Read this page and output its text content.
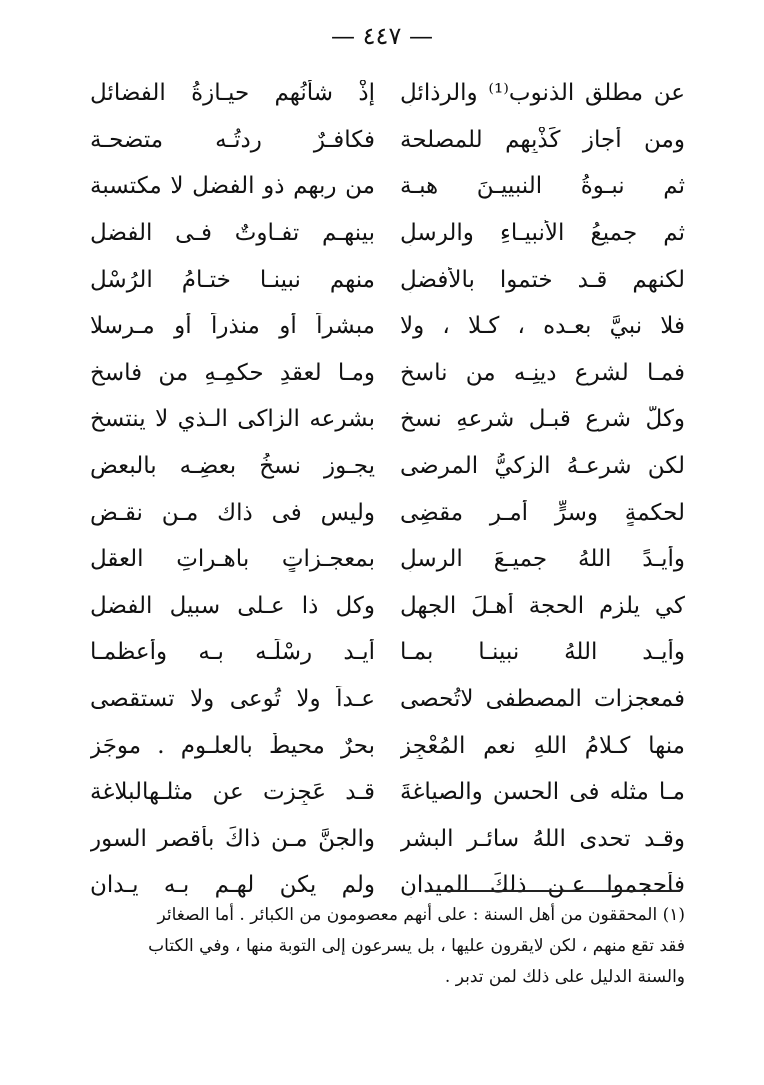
— ٤٤٧ —
عن مطلق الذنوب⁽¹⁾ والرذائلِ
إذْ شأنُهم حيـازةُ الفضائل
ومن أَجاز كَذْبِهم للمصلحة
فكافـرٌ ردتُـه متضحـة
ثم نبـوةُ النبييـنَ هبـة
من ربهم ذو الفضل لا مكتسبة
ثم جميعُ الأَنبيـاءِ والرسلِ
بينهـم تفـاوتٌ فـى الفضل
لكنهم قـد ختموا بالأَفضلِ
منهم نبينـا ختـامُ الرُسْل
فلا نبيَّ بعـده ، كـلا ، ولا
مبشراً أَو منذراً أَو مـرسلا
فمـا لشرع دينِـه من ناسخِ
ومـا لعقدِ حكمِـهِ من فاسخ
وكلُّ شرع قبـل شرعهِ نسخ
بشرعه الزاكى الـذي لا ينتسخ
لكن شرعـهُ الزكيُّ المرضى
يجـوز نسخُ بعضِـه بالبعض
لحكمةٍ وسرٍّ أمـرٍ مقضِى
وليس فى ذاك مـن نقـض
وأيـدً اللهُ جميـعَ الرسلِ
بمعجـزاتٍ باهـراتِ العقل
كي يلزم الحجة أَهـلَ الجهل
وكل ذا عـلى سبيل الفضل
وأَيـد اللهُ نبينـا بمـا
أَيـد رسْلَـه بـه وأعظمـا
فمعجزات المصطفى لاتُحصى
عـداً ولا تُوعى ولا تستقصى
منها كـلامُ اللهِ نعم المُعْجِز
بحرٌ محيطٌ بالعلـوم . موجَز
مـا مثله فى الحسنِ والصياغةَ
قـد عَجِزت عن مثلـهالبلاغة
وقـد تحدى اللهُ سائـر البشر
والجنَّ مـن ذاكَ بأَقصر السور
فأَحجموا عـن ذلكَ الميدانِ
ولم يكن لهـم بـه يـدان

(١) المحققون من أهل السنة : على أنهم معصومون من الكبائر . أما الصغائر

فقد تقع منهم ، لكن لايقرون عليها ، بل يسرعون إلى التوبة منها ، وفي الكتاب

والسنة الدليل على ذلك لمن تدبر .
